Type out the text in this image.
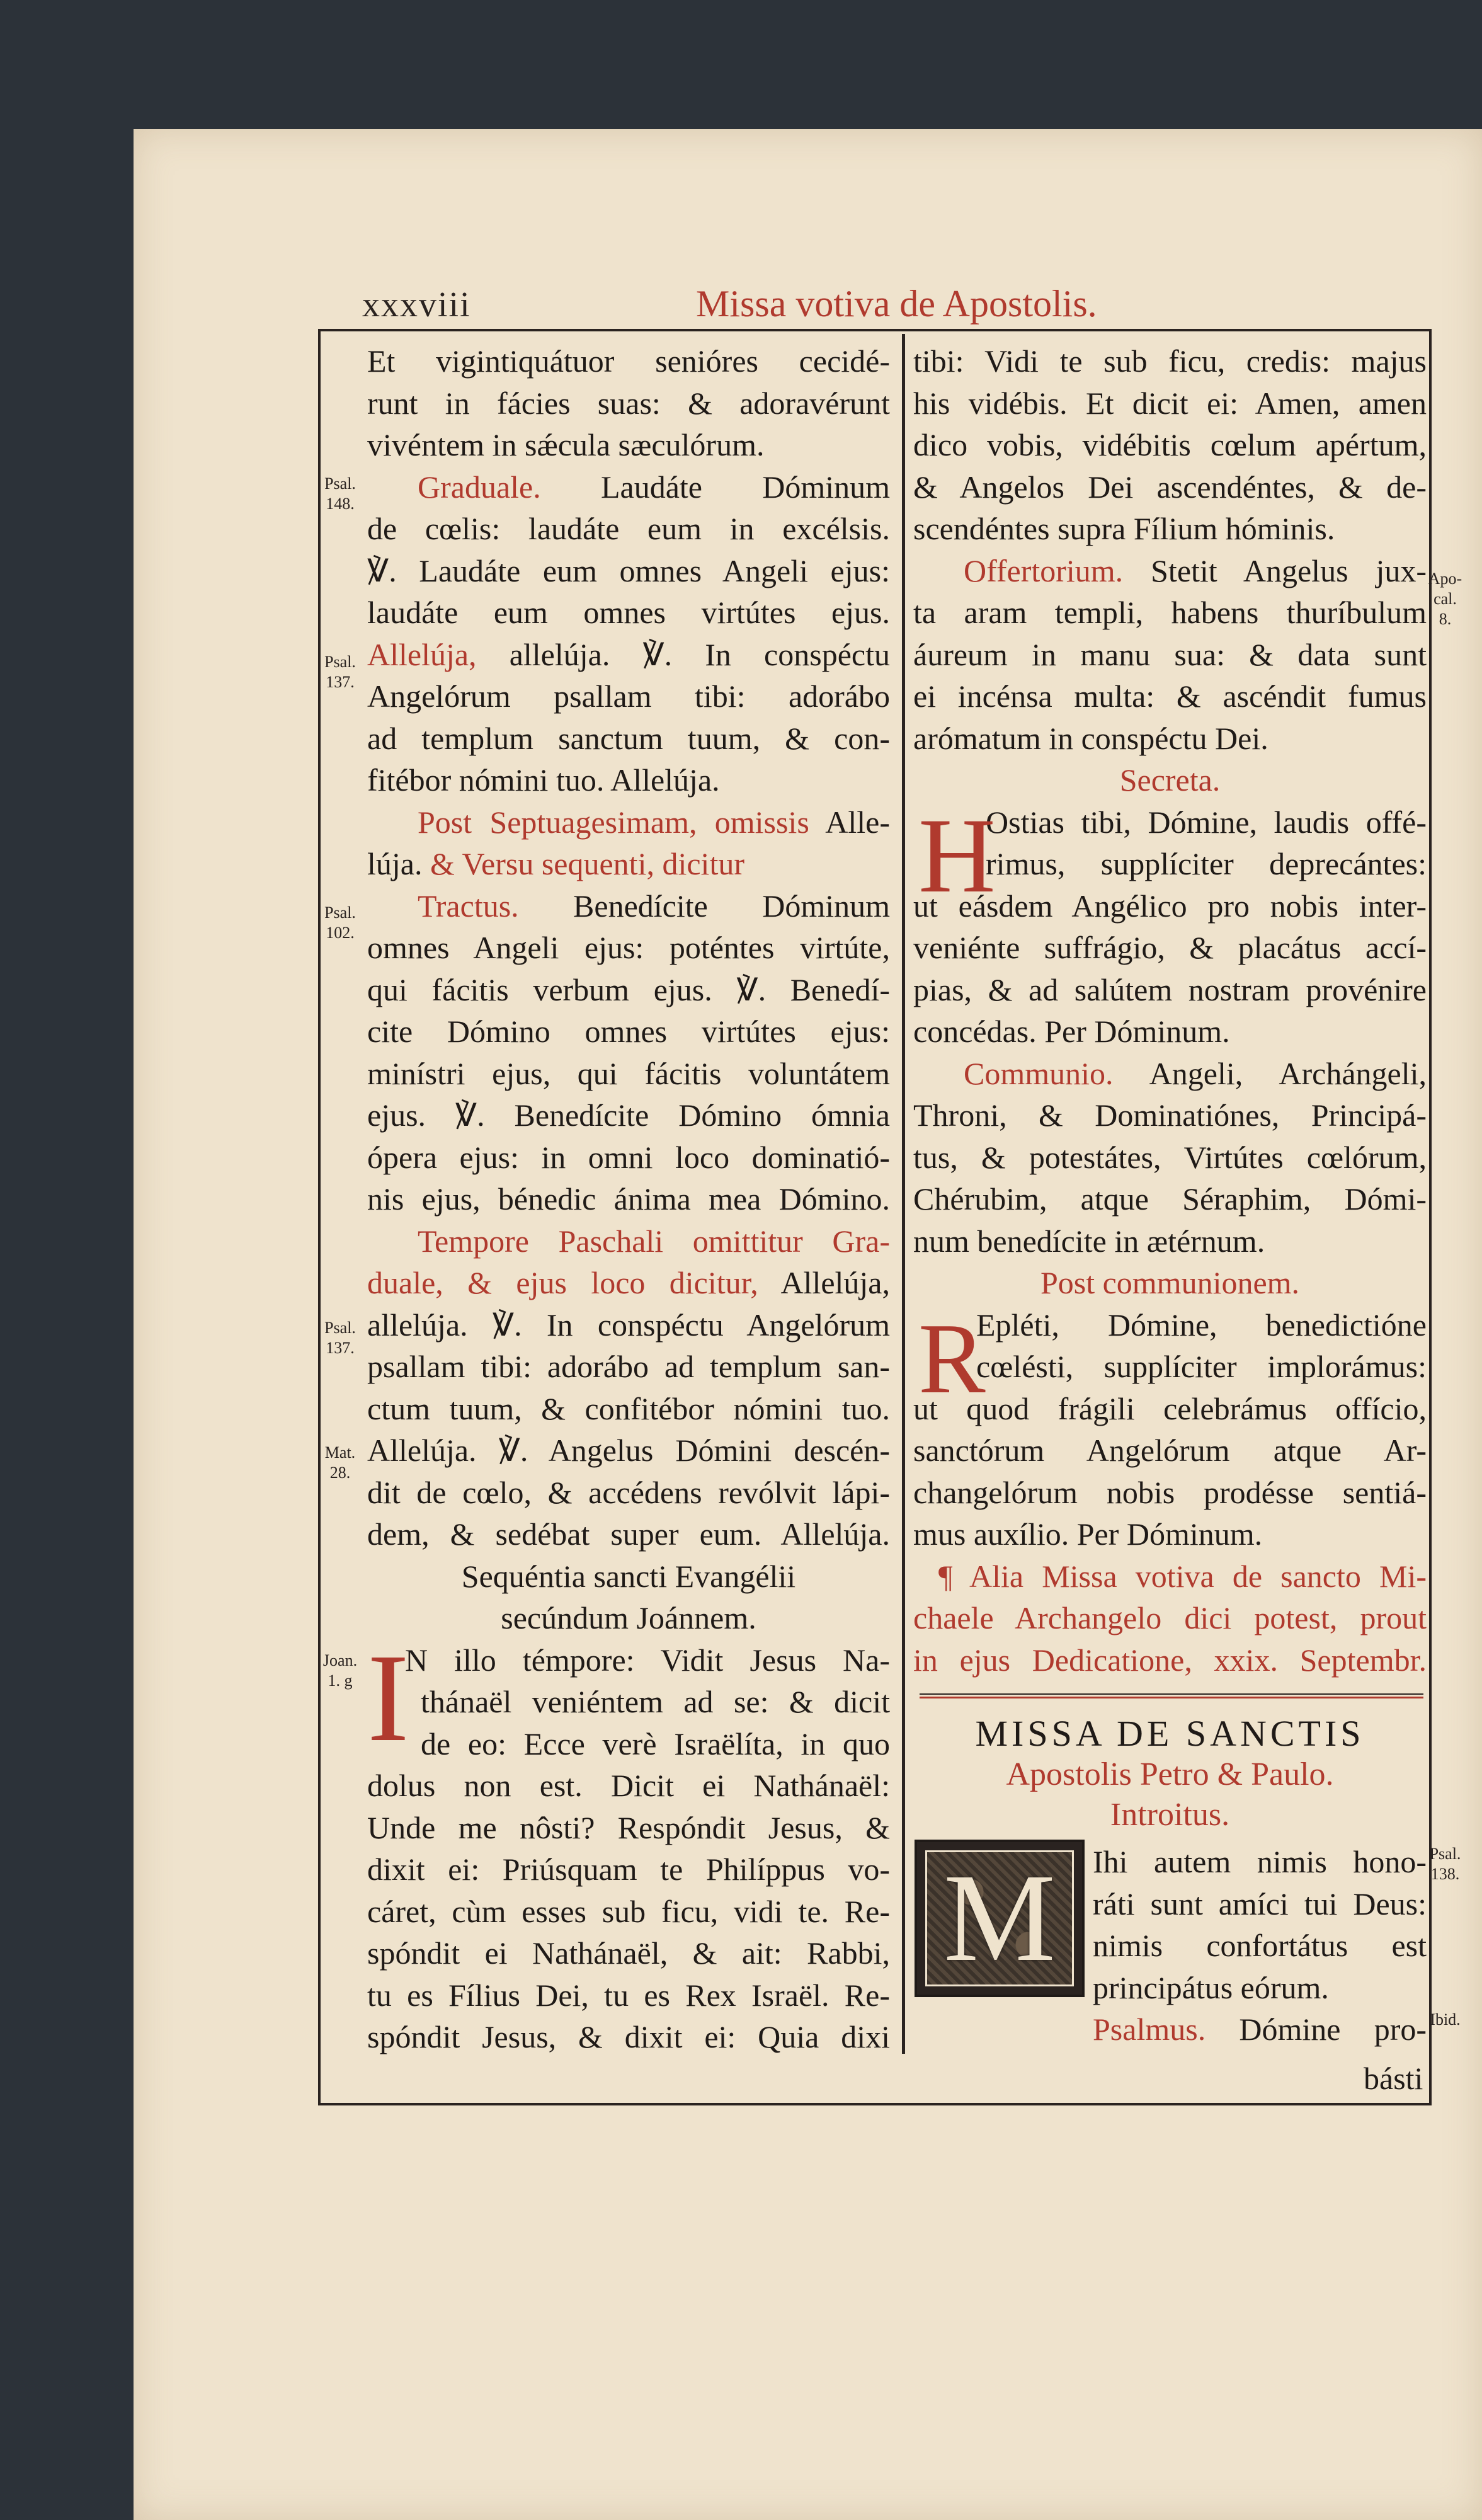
xxxviii	Missa votiva de Apostolis.
Et vigintiquátuor senióres cecidé-
runt in fácies suas: & adoravérunt
vivéntem in sǽcula sæculórum.
Graduale. Laudáte Dóminum
de cœlis: laudáte eum in excélsis.
℣. Laudáte eum omnes Angeli ejus:
laudáte eum omnes virtútes ejus.
Allelúja, allelúja. ℣. In conspéctu
Angelórum psallam tibi: adorábo
ad templum sanctum tuum, & con-
fitébor nómini tuo. Allelúja.
Post Septuagesimam, omissis Alle-
lúja. & Versu sequenti, dicitur
Tractus. Benedícite Dóminum
omnes Angeli ejus: poténtes virtúte,
qui fácitis verbum ejus. ℣. Benedí-
cite Dómino omnes virtútes ejus:
minístri ejus, qui fácitis voluntátem
ejus. ℣. Benedícite Dómino ómnia
ópera ejus: in omni loco dominatió-
nis ejus, bénedic ánima mea Dómino.
Tempore Paschali omittitur Gra-
duale, & ejus loco dicitur, Allelúja,
allelúja. ℣. In conspéctu Angelórum
psallam tibi: adorábo ad templum san-
ctum tuum, & confitébor nómini tuo.
Allelúja. ℣. Angelus Dómini descén-
dit de cœlo, & accédens revólvit lápi-
dem, & sedébat super eum. Allelúja.
Sequéntia sancti Evangélii
secúndum Joánnem.
N illo témpore: Vidit Jesus Na-
thánaël veniéntem ad se: & dicit
de eo: Ecce verè Israëlíta, in quo
dolus non est. Dicit ei Nathánaël:
Unde me nôsti? Respóndit Jesus, &
dixit ei: Priúsquam te Philíppus vo-
cáret, cùm esses sub ficu, vidi te. Re-
spóndit ei Nathánaël, & ait: Rabbi,
tu es Fílius Dei, tu es Rex Israël. Re-
spóndit Jesus, & dixit ei: Quia dixi
I
tibi: Vidi te sub ficu, credis: majus
his vidébis. Et dicit ei: Amen, amen
dico vobis, vidébitis cœlum apértum,
& Angelos Dei ascendéntes, & de-
scendéntes supra Fílium hóminis.
Offertorium. Stetit Angelus jux-
ta aram templi, habens thuríbulum
áureum in manu sua: & data sunt
ei incénsa multa: & ascéndit fumus
arómatum in conspéctu Dei.
Secreta.
Ostias tibi, Dómine, laudis offé-
rimus, supplíciter deprecántes:
ut eásdem Angélico pro nobis inter-
veniénte suffrágio, & placátus accí-
pias, & ad salútem nostram provénire
concédas. Per Dóminum.
Communio. Angeli, Archángeli,
Throni, & Dominatiónes, Principá-
tus, & potestátes, Virtútes cœlórum,
Chérubim, atque Séraphim, Dómi-
num benedícite in ætérnum.
Post communionem.
Epléti, Dómine, benedictióne
cœlésti, supplíciter implorámus:
ut quod frágili celebrámus offício,
sanctórum Angelórum atque Ar-
changelórum nobis prodésse sentiá-
mus auxílio. Per Dóminum.
¶ Alia Missa votiva de sancto Mi-
chaele Archangelo dici potest, prout
in ejus Dedicatione, xxix. Septembr.
H
R
MISSA DE SANCTIS
Apostolis Petro & Paulo.
Introitus.
M Ihi autem nimis hono-
ráti sunt amíci tui Deus:
nimis confortátus est
principátus eórum.
Psalmus. Dómine pro-
básti
Psal. 148.
Psal. 137.
Psal. 102.
Psal. 137.
Mat. 28.
Joan. 1. g
Apo- cal. 8.
Psal. 138.
Ibid.
